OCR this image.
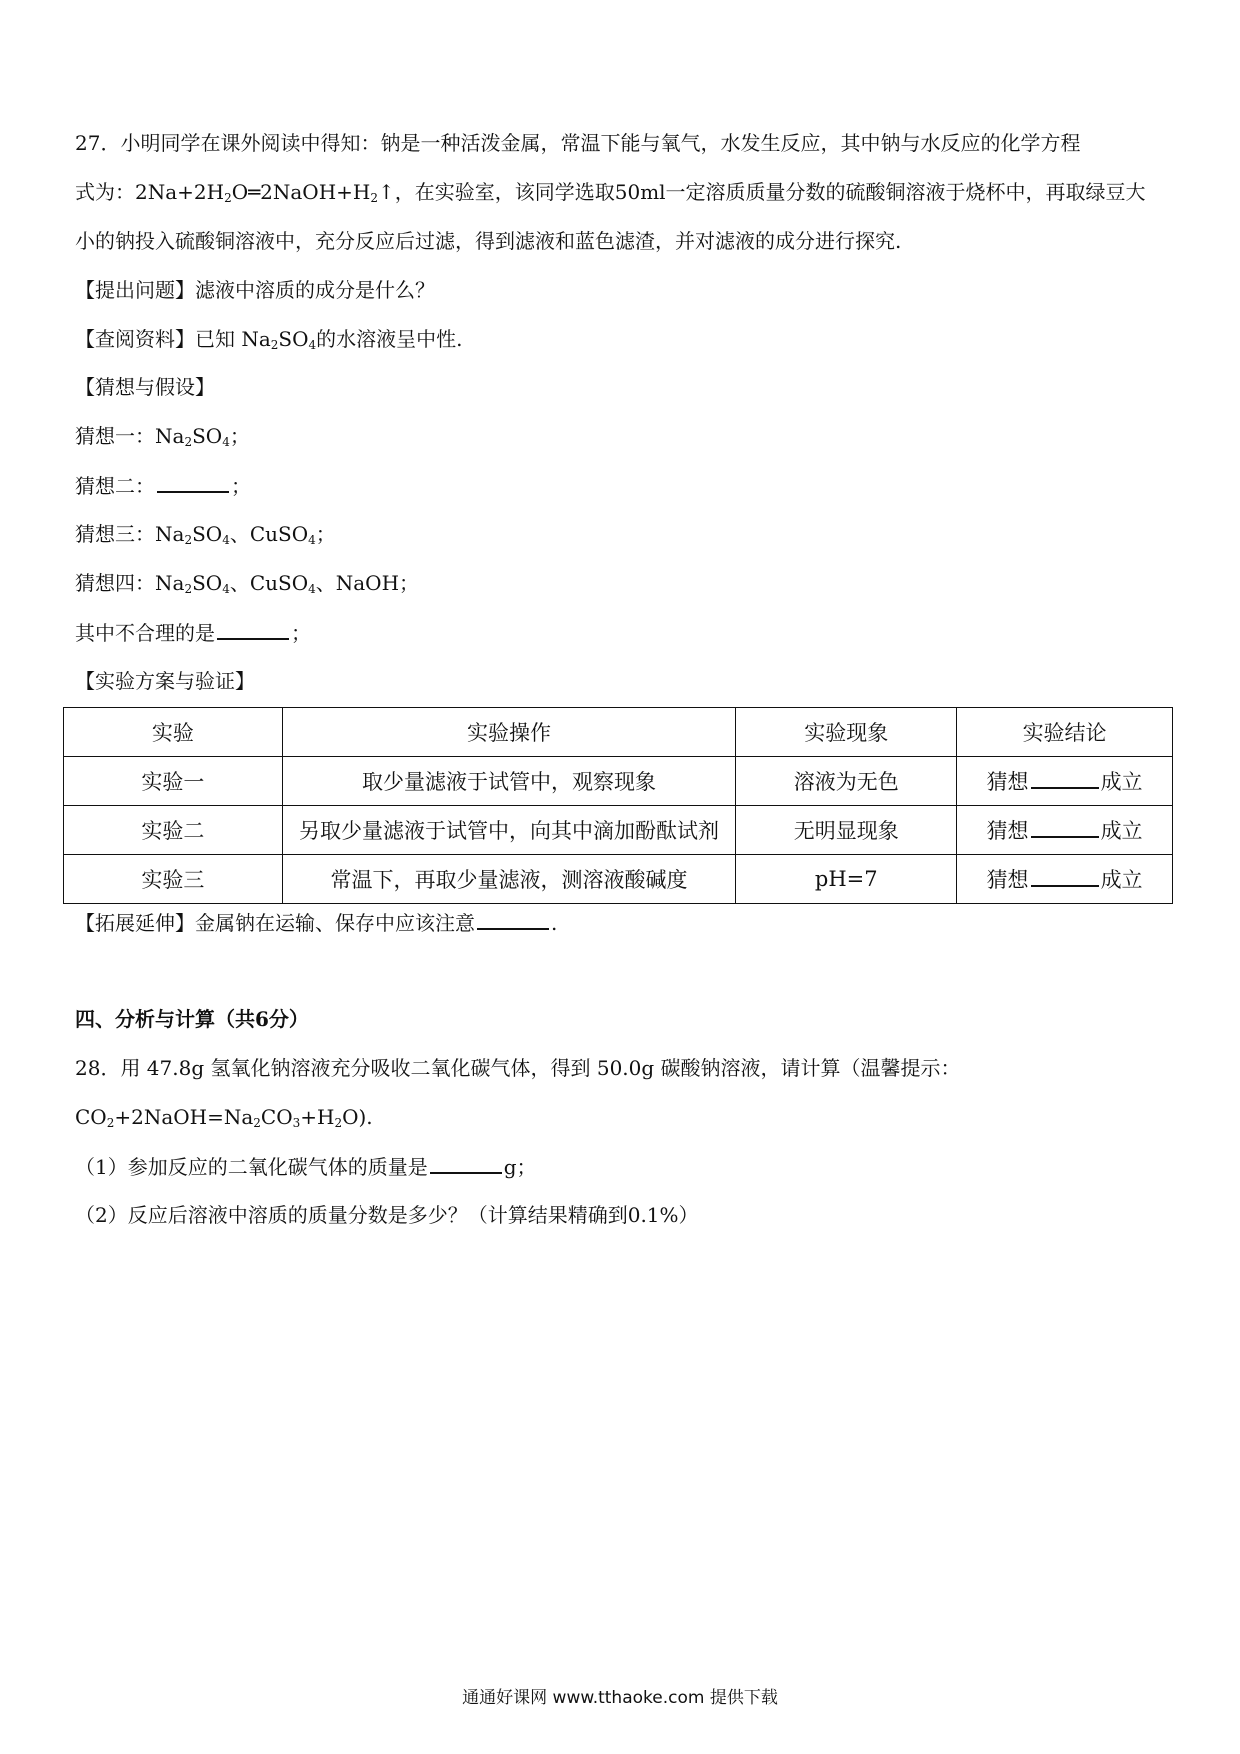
27．小明同学在课外阅读中得知：钠是一种活泼金属，常温下能与氧气，水发生反应，其中钠与水反应的化学方程
式为：$2Na+2H_2O═2NaOH+H_2↑$，在实验室，该同学选取50ml一定溶质质量分数的硫酸铜溶液于烧杯中，再取绿豆大
小的钠投入硫酸铜溶液中，充分反应后过滤，得到滤液和蓝色滤渣，并对滤液的成分进行探究.
【提出问题】滤液中溶质的成分是什么？
【查阅资料】已知 $Na_2SO_4$的水溶液呈中性.
【猜想与假设】
猜想一：$Na_2SO_4$；
猜想二：	；
猜想三：$Na_2SO_4$、CuSO$_4$；
猜想四：$Na_2SO_4$、CuSO$_4$、NaOH；
其中不合理的是	；
【实验方案与验证】
实验	实验操作	实验现象	实验结论
实验一	取少量滤液于试管中，观察现象	溶液为无色	猜想 成立
实验二	另取少量滤液于试管中，向其中滴加酚酞试剂	无明显现象	猜想 成立
实验三	常温下，再取少量滤液，测溶液酸碱度	pH=7	猜想 成立
【拓展延伸】金属钠在运输、保存中应该注意	.
四、分析与计算（共6分）
28．用 47.8g 氢氧化钠溶液充分吸收二氧化碳气体，得到 50.0g 碳酸钠溶液，请计算（温馨提示：
$CO_2+2NaOH=Na_2CO_3+H_2O$).
（1）参加反应的二氧化碳气体的质量是	g；
（2）反应后溶液中溶质的质量分数是多少？（计算结果精确到0.1%）
通通好课网 www.tthaoke.com 提供下载
